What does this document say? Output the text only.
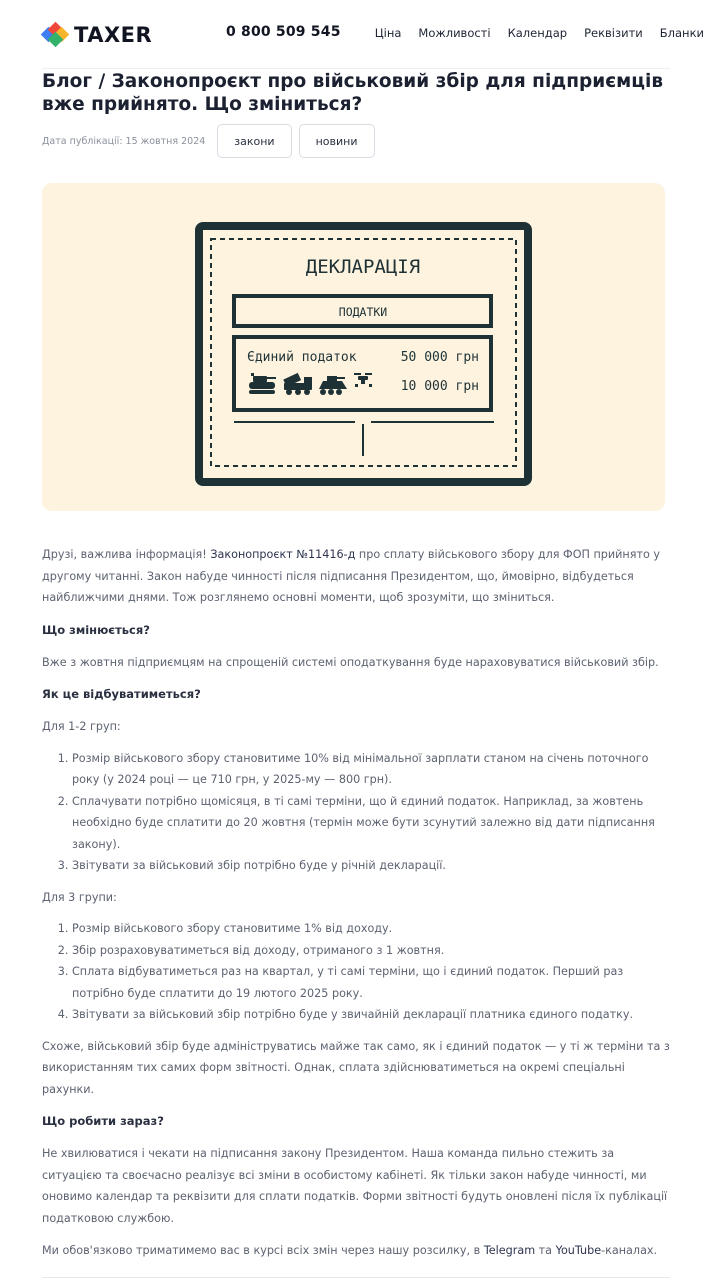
TAXER	0 800 509 545	Ціна Можливості Календар Реквізити Бланки
Блог / Законопроєкт про військовий збір для підприємців вже прийнято. Що зміниться?
Дата публікації: 15 жовтня 2024	закони	новини
ДЕКЛАРАЦІЯ
ПОДАТКИ
Єдиний податок	50 000 грн
10 000 грн

Друзі, важлива інформація! Законопроєкт №11416-д про сплату військового збору для ФОП прийнято у другому читанні. Закон набуде чинності після підписання Президентом, що, ймовірно, відбудеться найближчими днями. Тож розглянемо основні моменти, щоб зрозуміти, що зміниться.

Що змінюється?

Вже з жовтня підприємцям на спрощеній системі оподаткування буде нараховуватися військовий збір.

Як це відбуватиметься?

Для 1-2 груп:

1. Розмір військового збору становитиме 10% від мінімальної зарплати станом на січень поточного року (у 2024 році — це 710 грн, у 2025-му — 800 грн).
2. Сплачувати потрібно щомісяця, в ті самі терміни, що й єдиний податок. Наприклад, за жовтень необхідно буде сплатити до 20 жовтня (термін може бути зсунутий залежно від дати підписання закону).
3. Звітувати за військовий збір потрібно буде у річній декларації.

Для 3 групи:

1. Розмір військового збору становитиме 1% від доходу.
2. Збір розраховуватиметься від доходу, отриманого з 1 жовтня.
3. Сплата відбуватиметься раз на квартал, у ті самі терміни, що і єдиний податок. Перший раз потрібно буде сплатити до 19 лютого 2025 року.
4. Звітувати за військовий збір потрібно буде у звичайній декларації платника єдиного податку.

Схоже, військовий збір буде адмініструватись майже так само, як і єдиний податок — у ті ж терміни та з використанням тих самих форм звітності. Однак, сплата здійснюватиметься на окремі спеціальні рахунки.

Що робити зараз?

Не хвилюватися і чекати на підписання закону Президентом. Наша команда пильно стежить за ситуацією та своєчасно реалізує всі зміни в особистому кабінеті. Як тільки закон набуде чинності, ми оновимо календар та реквізити для сплати податків. Форми звітності будуть оновлені після їх публікації податковою службою.

Ми обов'язково триматимемо вас в курсі всіх змін через нашу розсилку, в Telegram та YouTube-каналах.
